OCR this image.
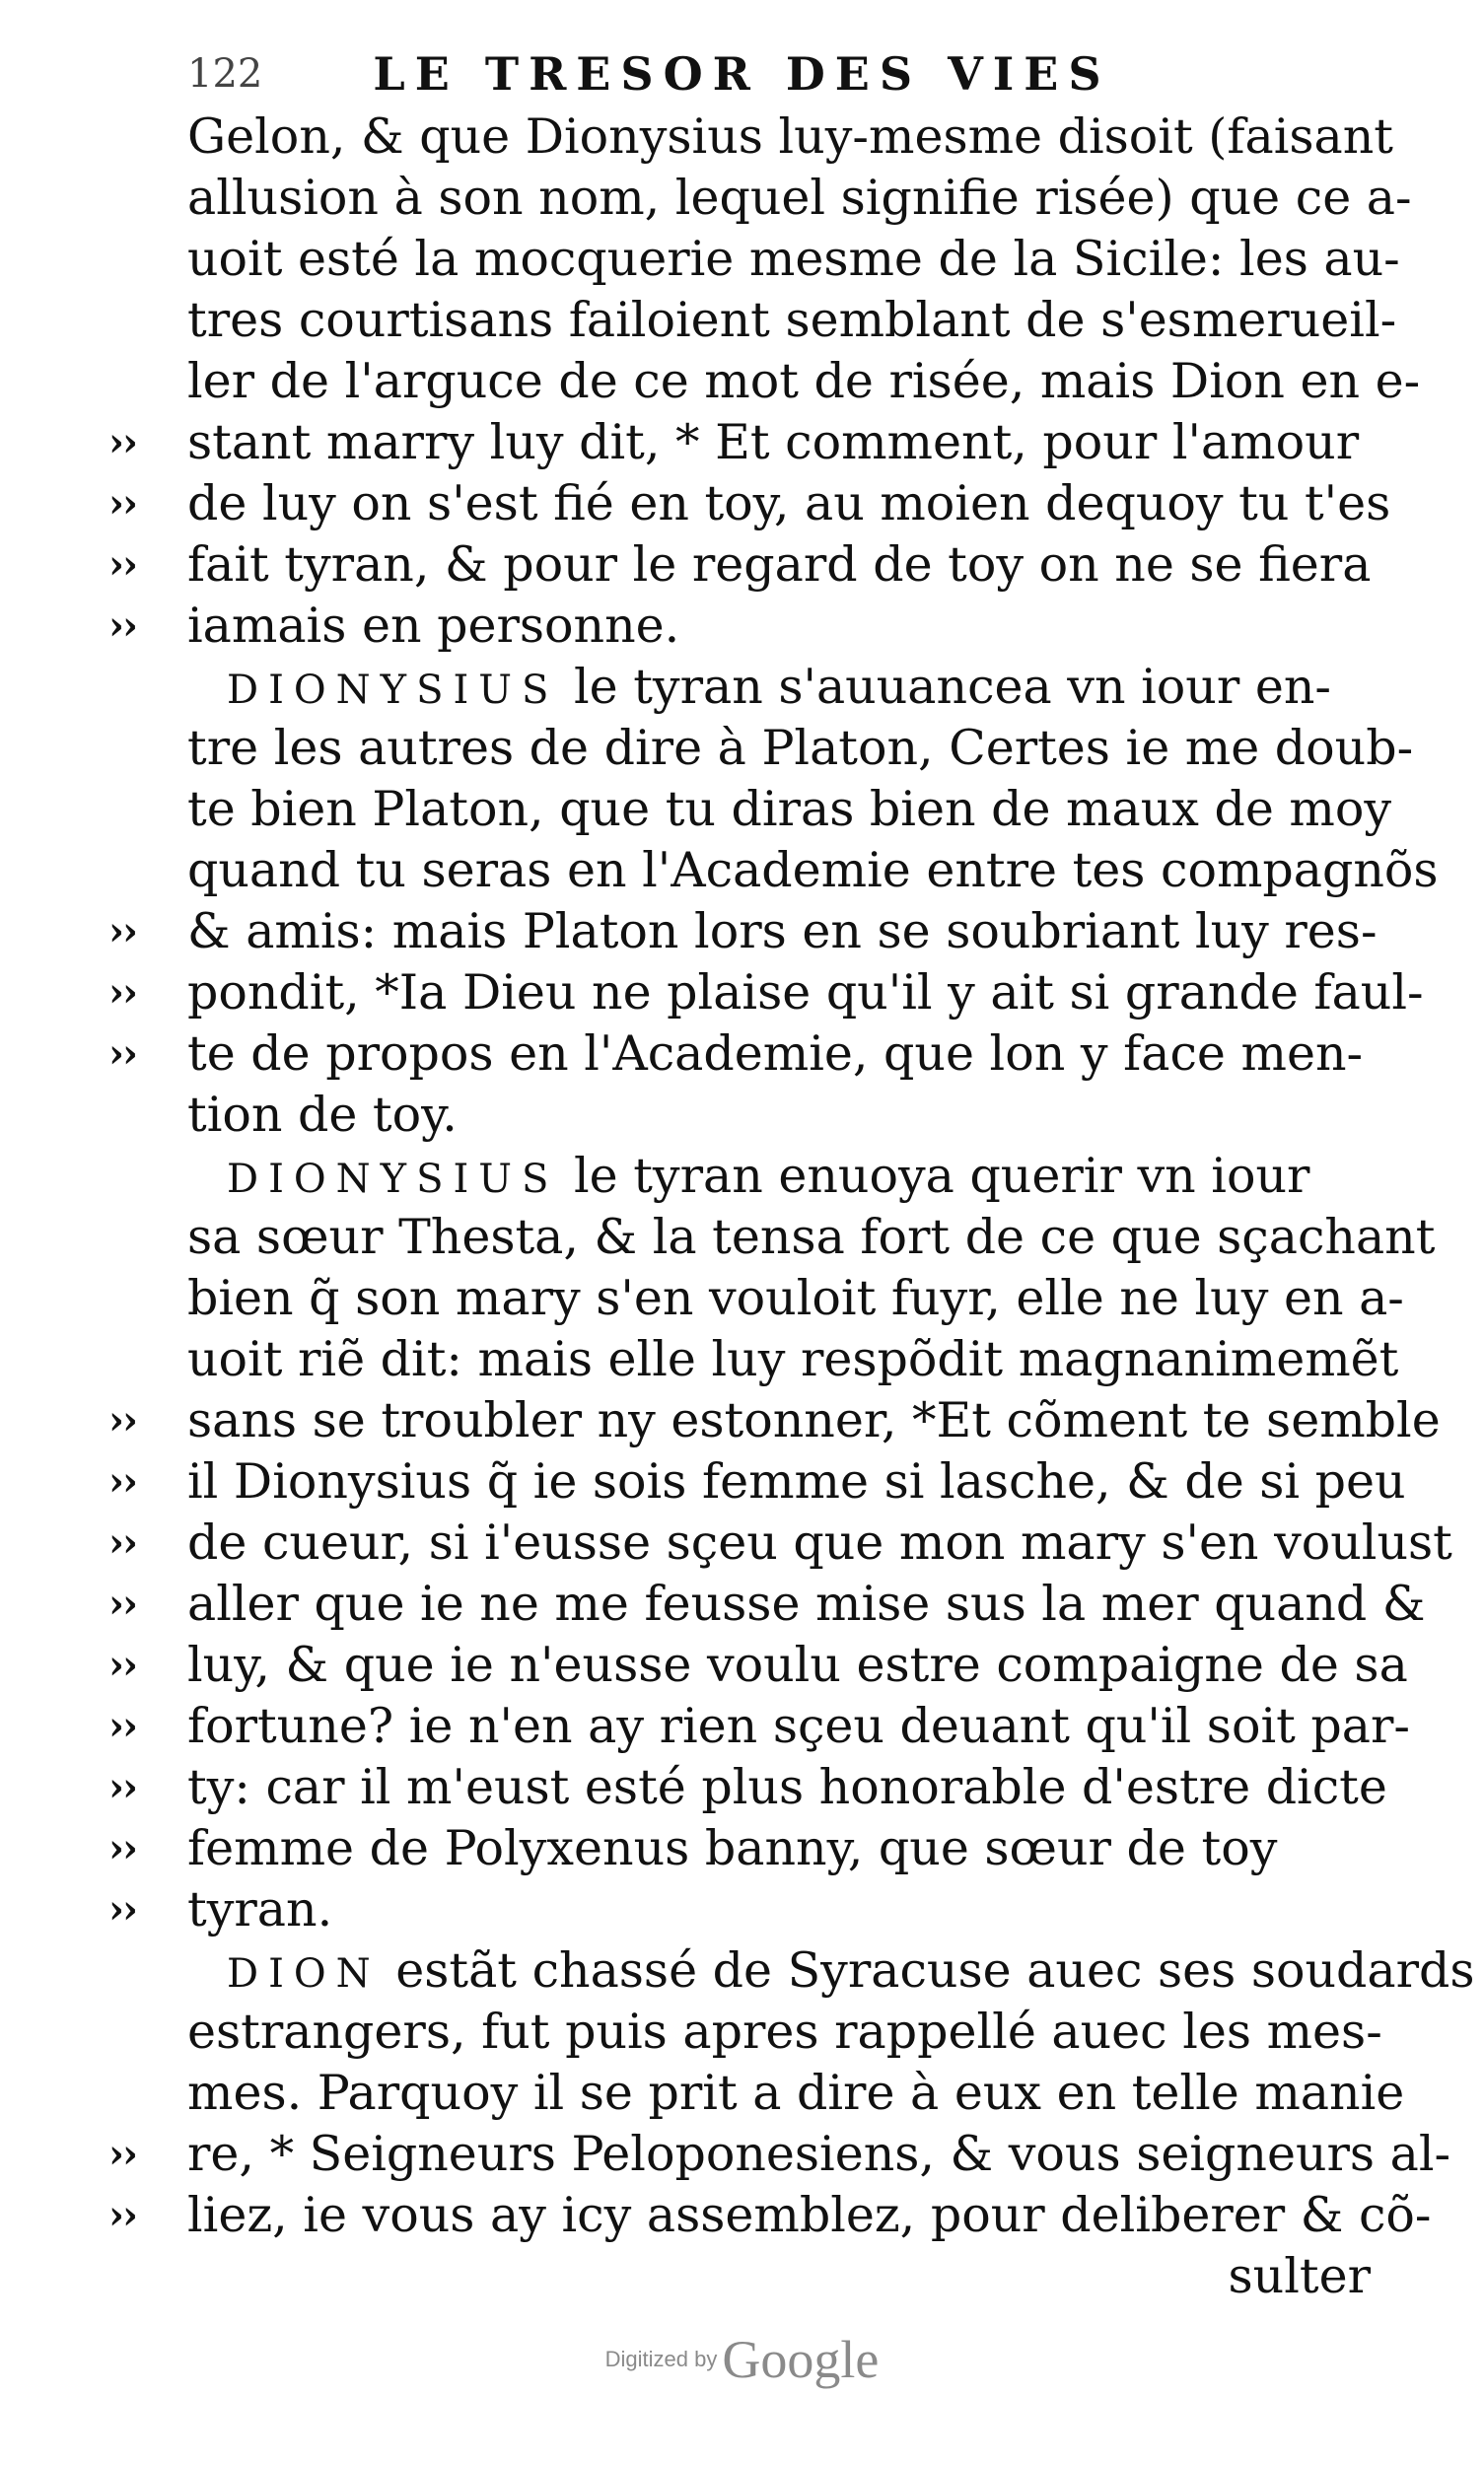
122	LE TRESOR DES VIES
Gelon, & que Dionysius luy-mesme disoit (faisant
allusion à son nom, lequel signifie risée) que ce a-
uoit esté la mocquerie mesme de la Sicile: les au-
tres courtisans failoient semblant de s'esmerueil-
ler de l'arguce de ce mot de risée, mais Dion en e-
››	stant marry luy dit, * Et comment, pour l'amour
››	de luy on s'est fié en toy, au moien dequoy tu t'es
››	fait tyran, & pour le regard de toy on ne se fiera
››	iamais en personne.
DIONYSIUS le tyran s'auuancea vn iour en-
tre les autres de dire à Platon, Certes ie me doub-
te bien Platon, que tu diras bien de maux de moy
quand tu seras en l'Academie entre tes compagnõs
››	& amis: mais Platon lors en se soubriant luy res-
››	pondit, *Ia Dieu ne plaise qu'il y ait si grande faul-
››	te de propos en l'Academie, que lon y face men-
tion de toy.
DIONYSIUS le tyran enuoya querir vn iour
sa sœur Thesta, & la tensa fort de ce que sçachant
bien q̃ son mary s'en vouloit fuyr, elle ne luy en a-
uoit riẽ dit: mais elle luy respõdit magnanimemẽt
››	sans se troubler ny estonner, *Et cõment te semble
››	il Dionysius q̃ ie sois femme si lasche, & de si peu
››	de cueur, si i'eusse sçeu que mon mary s'en voulust
››	aller que ie ne me feusse mise sus la mer quand &
››	luy, & que ie n'eusse voulu estre compaigne de sa
››	fortune? ie n'en ay rien sçeu deuant qu'il soit par-
››	ty: car il m'eust esté plus honorable d'estre dicte
››	femme de Polyxenus banny, que sœur de toy
››	tyran.
DION estãt chassé de Syracuse auec ses soudards
estrangers, fut puis apres rappellé auec les mes-
mes. Parquoy il se prit a dire à eux en telle manie
››	re, * Seigneurs Peloponesiens, & vous seigneurs al-
››	liez, ie vous ay icy assemblez, pour deliberer & cõ-
sulter
Digitized by Google
